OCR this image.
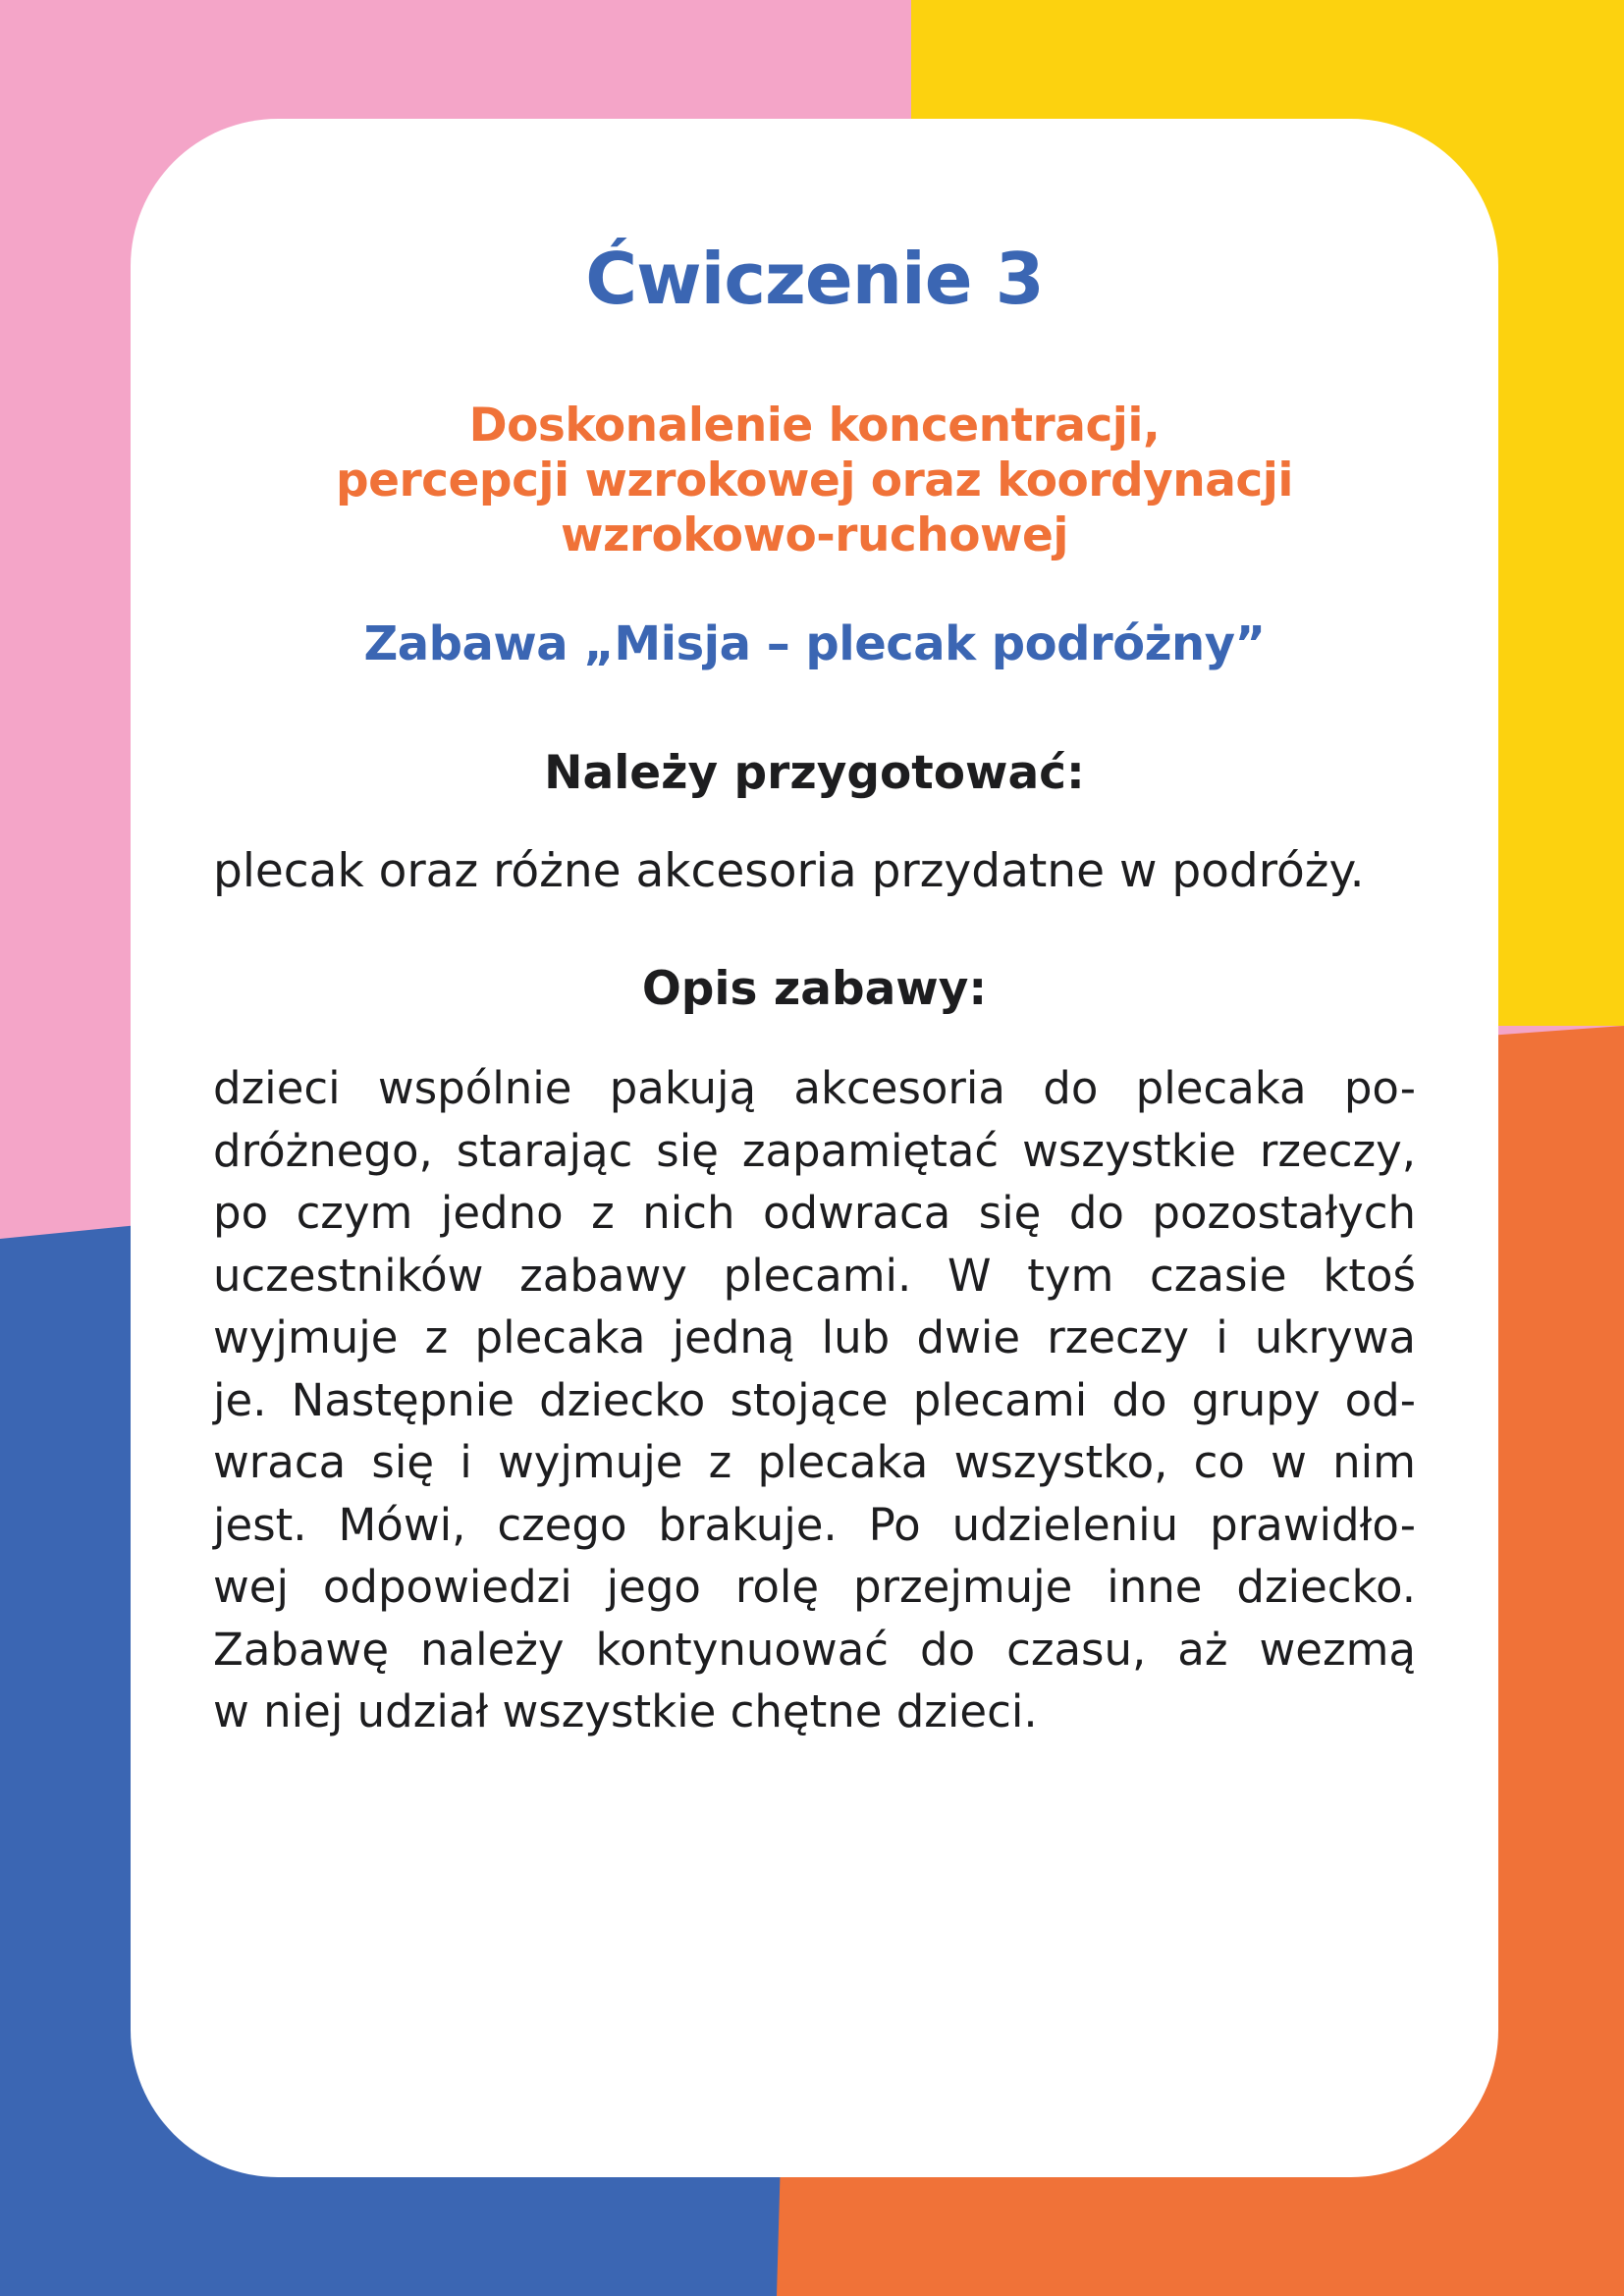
Ćwiczenie 3
Doskonalenie koncentracji,
percepcji wzrokowej oraz koordynacji
wzrokowo-ruchowej
Zabawa „Misja – plecak podróżny”
Należy przygotować:
plecak oraz różne akcesoria przydatne w podróży.
Opis zabawy:
dzieci wspólnie pakują akcesoria do plecaka po-
dróżnego, starając się zapamiętać wszystkie rzeczy,
po czym jedno z nich odwraca się do pozostałych
uczestników zabawy plecami. W tym czasie ktoś
wyjmuje z plecaka jedną lub dwie rzeczy i ukrywa
je. Następnie dziecko stojące plecami do grupy od-
wraca się i wyjmuje z plecaka wszystko, co w nim
jest. Mówi, czego brakuje. Po udzieleniu prawidło-
wej odpowiedzi jego rolę przejmuje inne dziecko.
Zabawę należy kontynuować do czasu, aż wezmą
w niej udział wszystkie chętne dzieci.
